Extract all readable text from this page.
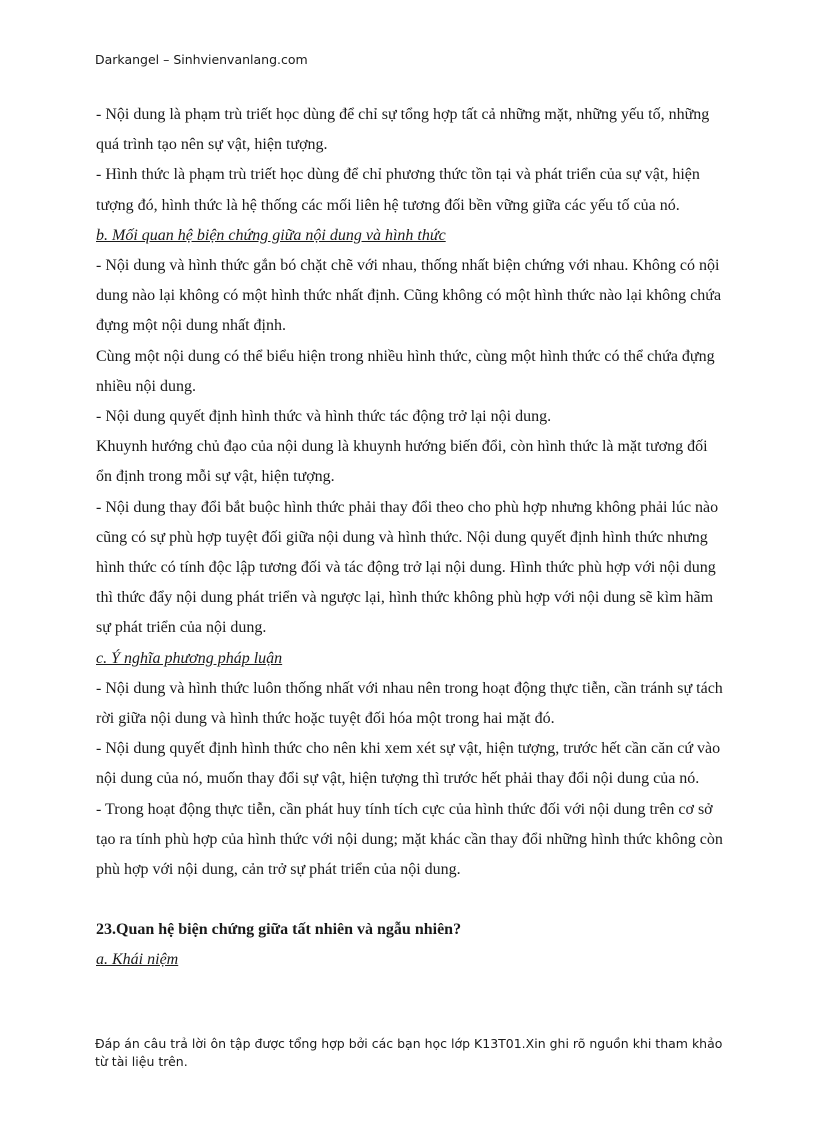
Darkangel – Sinhvienvanlang.com

- Nội dung là phạm trù triết học dùng để chỉ sự tổng hợp tất cả những mặt, những yếu tố, những quá trình tạo nên sự vật, hiện tượng.

- Hình thức là phạm trù triết học dùng để chỉ phương thức tồn tại và phát triển của sự vật, hiện tượng đó, hình thức là hệ thống các mối liên hệ tương đối bền vững giữa các yếu tố của nó.

b. Mối quan hệ biện chứng giữa nội dung và hình thức

- Nội dung và hình thức gắn bó chặt chẽ với nhau, thống nhất biện chứng với nhau. Không có nội dung nào lại không có một hình thức nhất định. Cũng không có một hình thức nào lại không chứa đựng một nội dung nhất định.

Cùng một nội dung có thể biểu hiện trong nhiều hình thức, cùng một hình thức có thể chứa đựng nhiều nội dung.

- Nội dung quyết định hình thức và hình thức tác động trở lại nội dung.

Khuynh hướng chủ đạo của nội dung là khuynh hướng biến đổi, còn hình thức là mặt tương đối ổn định trong mỗi sự vật, hiện tượng.

- Nội dung thay đổi bắt buộc hình thức phải thay đổi theo cho phù hợp nhưng không phải lúc nào cũng có sự phù hợp tuyệt đối giữa nội dung và hình thức. Nội dung quyết định hình thức nhưng hình thức có tính độc lập tương đối và tác động trở lại nội dung. Hình thức phù hợp với nội dung thì thức đẩy nội dung phát triển và ngược lại, hình thức không phù hợp với nội dung sẽ kìm hãm sự phát triển của nội dung.

c. Ý nghĩa phương pháp luận

- Nội dung và hình thức luôn thống nhất với nhau nên trong hoạt động thực tiễn, cần tránh sự tách rời giữa nội dung và hình thức hoặc tuyệt đối hóa một trong hai mặt đó.

- Nội dung quyết định hình thức cho nên khi xem xét sự vật, hiện tượng, trước hết cần căn cứ vào nội dung của nó, muốn thay đổi sự vật, hiện tượng thì trước hết phải thay đổi nội dung của nó.

- Trong hoạt động thực tiễn, cần phát huy tính tích cực của hình thức đối với nội dung trên cơ sở tạo ra tính phù hợp của hình thức với nội dung; mặt khác cần thay đổi những hình thức không còn phù hợp với nội dung, cản trở sự phát triển của nội dung.

23.Quan hệ biện chứng giữa tất nhiên và ngẫu nhiên?

a. Khái niệm

Đáp án câu trả lời ôn tập được tổng hợp bởi các bạn học lớp K13T01.Xin ghi rõ nguồn khi tham khảo từ tài liệu trên.
